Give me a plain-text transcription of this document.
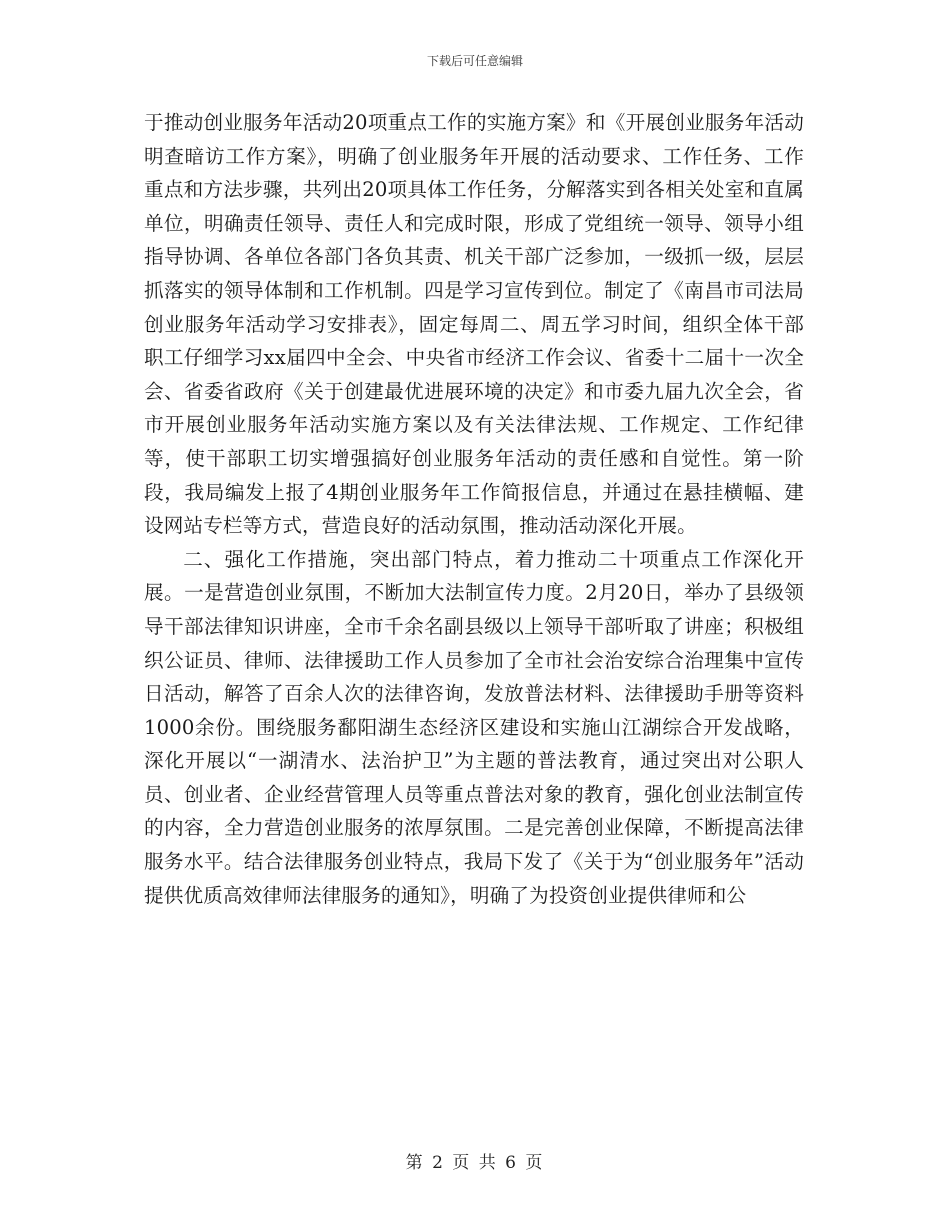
下载后可任意编辑

于推动创业服务年活动20项重点工作的实施方案》和《开展创业服务年活动明查暗访工作方案》，明确了创业服务年开展的活动要求、工作任务、工作重点和方法步骤，共列出20项具体工作任务，分解落实到各相关处室和直属单位，明确责任领导、责任人和完成时限，形成了党组统一领导、领导小组指导协调、各单位各部门各负其责、机关干部广泛参加，一级抓一级，层层抓落实的领导体制和工作机制。四是学习宣传到位。制定了《南昌市司法局创业服务年活动学习安排表》，固定每周二、周五学习时间，组织全体干部职工仔细学习xx届四中全会、中央省市经济工作会议、省委十二届十一次全会、省委省政府《关于创建最优进展环境的决定》和市委九届九次全会，省市开展创业服务年活动实施方案以及有关法律法规、工作规定、工作纪律等，使干部职工切实增强搞好创业服务年活动的责任感和自觉性。第一阶段，我局编发上报了4期创业服务年工作简报信息，并通过在悬挂横幅、建设网站专栏等方式，营造良好的活动氛围，推动活动深化开展。

二、强化工作措施，突出部门特点，着力推动二十项重点工作深化开展。一是营造创业氛围，不断加大法制宣传力度。2月20日，举办了县级领导干部法律知识讲座，全市千余名副县级以上领导干部听取了讲座；积极组织公证员、律师、法律援助工作人员参加了全市社会治安综合治理集中宣传日活动，解答了百余人次的法律咨询，发放普法材料、法律援助手册等资料1000余份。围绕服务鄱阳湖生态经济区建设和实施山江湖综合开发战略，深化开展以“一湖清水、法治护卫”为主题的普法教育，通过突出对公职人员、创业者、企业经营管理人员等重点普法对象的教育，强化创业法制宣传的内容，全力营造创业服务的浓厚氛围。二是完善创业保障，不断提高法律服务水平。结合法律服务创业特点，我局下发了《关于为“创业服务年”活动提供优质高效律师法律服务的通知》，明确了为投资创业提供律师和公

第 2 页 共 6 页
